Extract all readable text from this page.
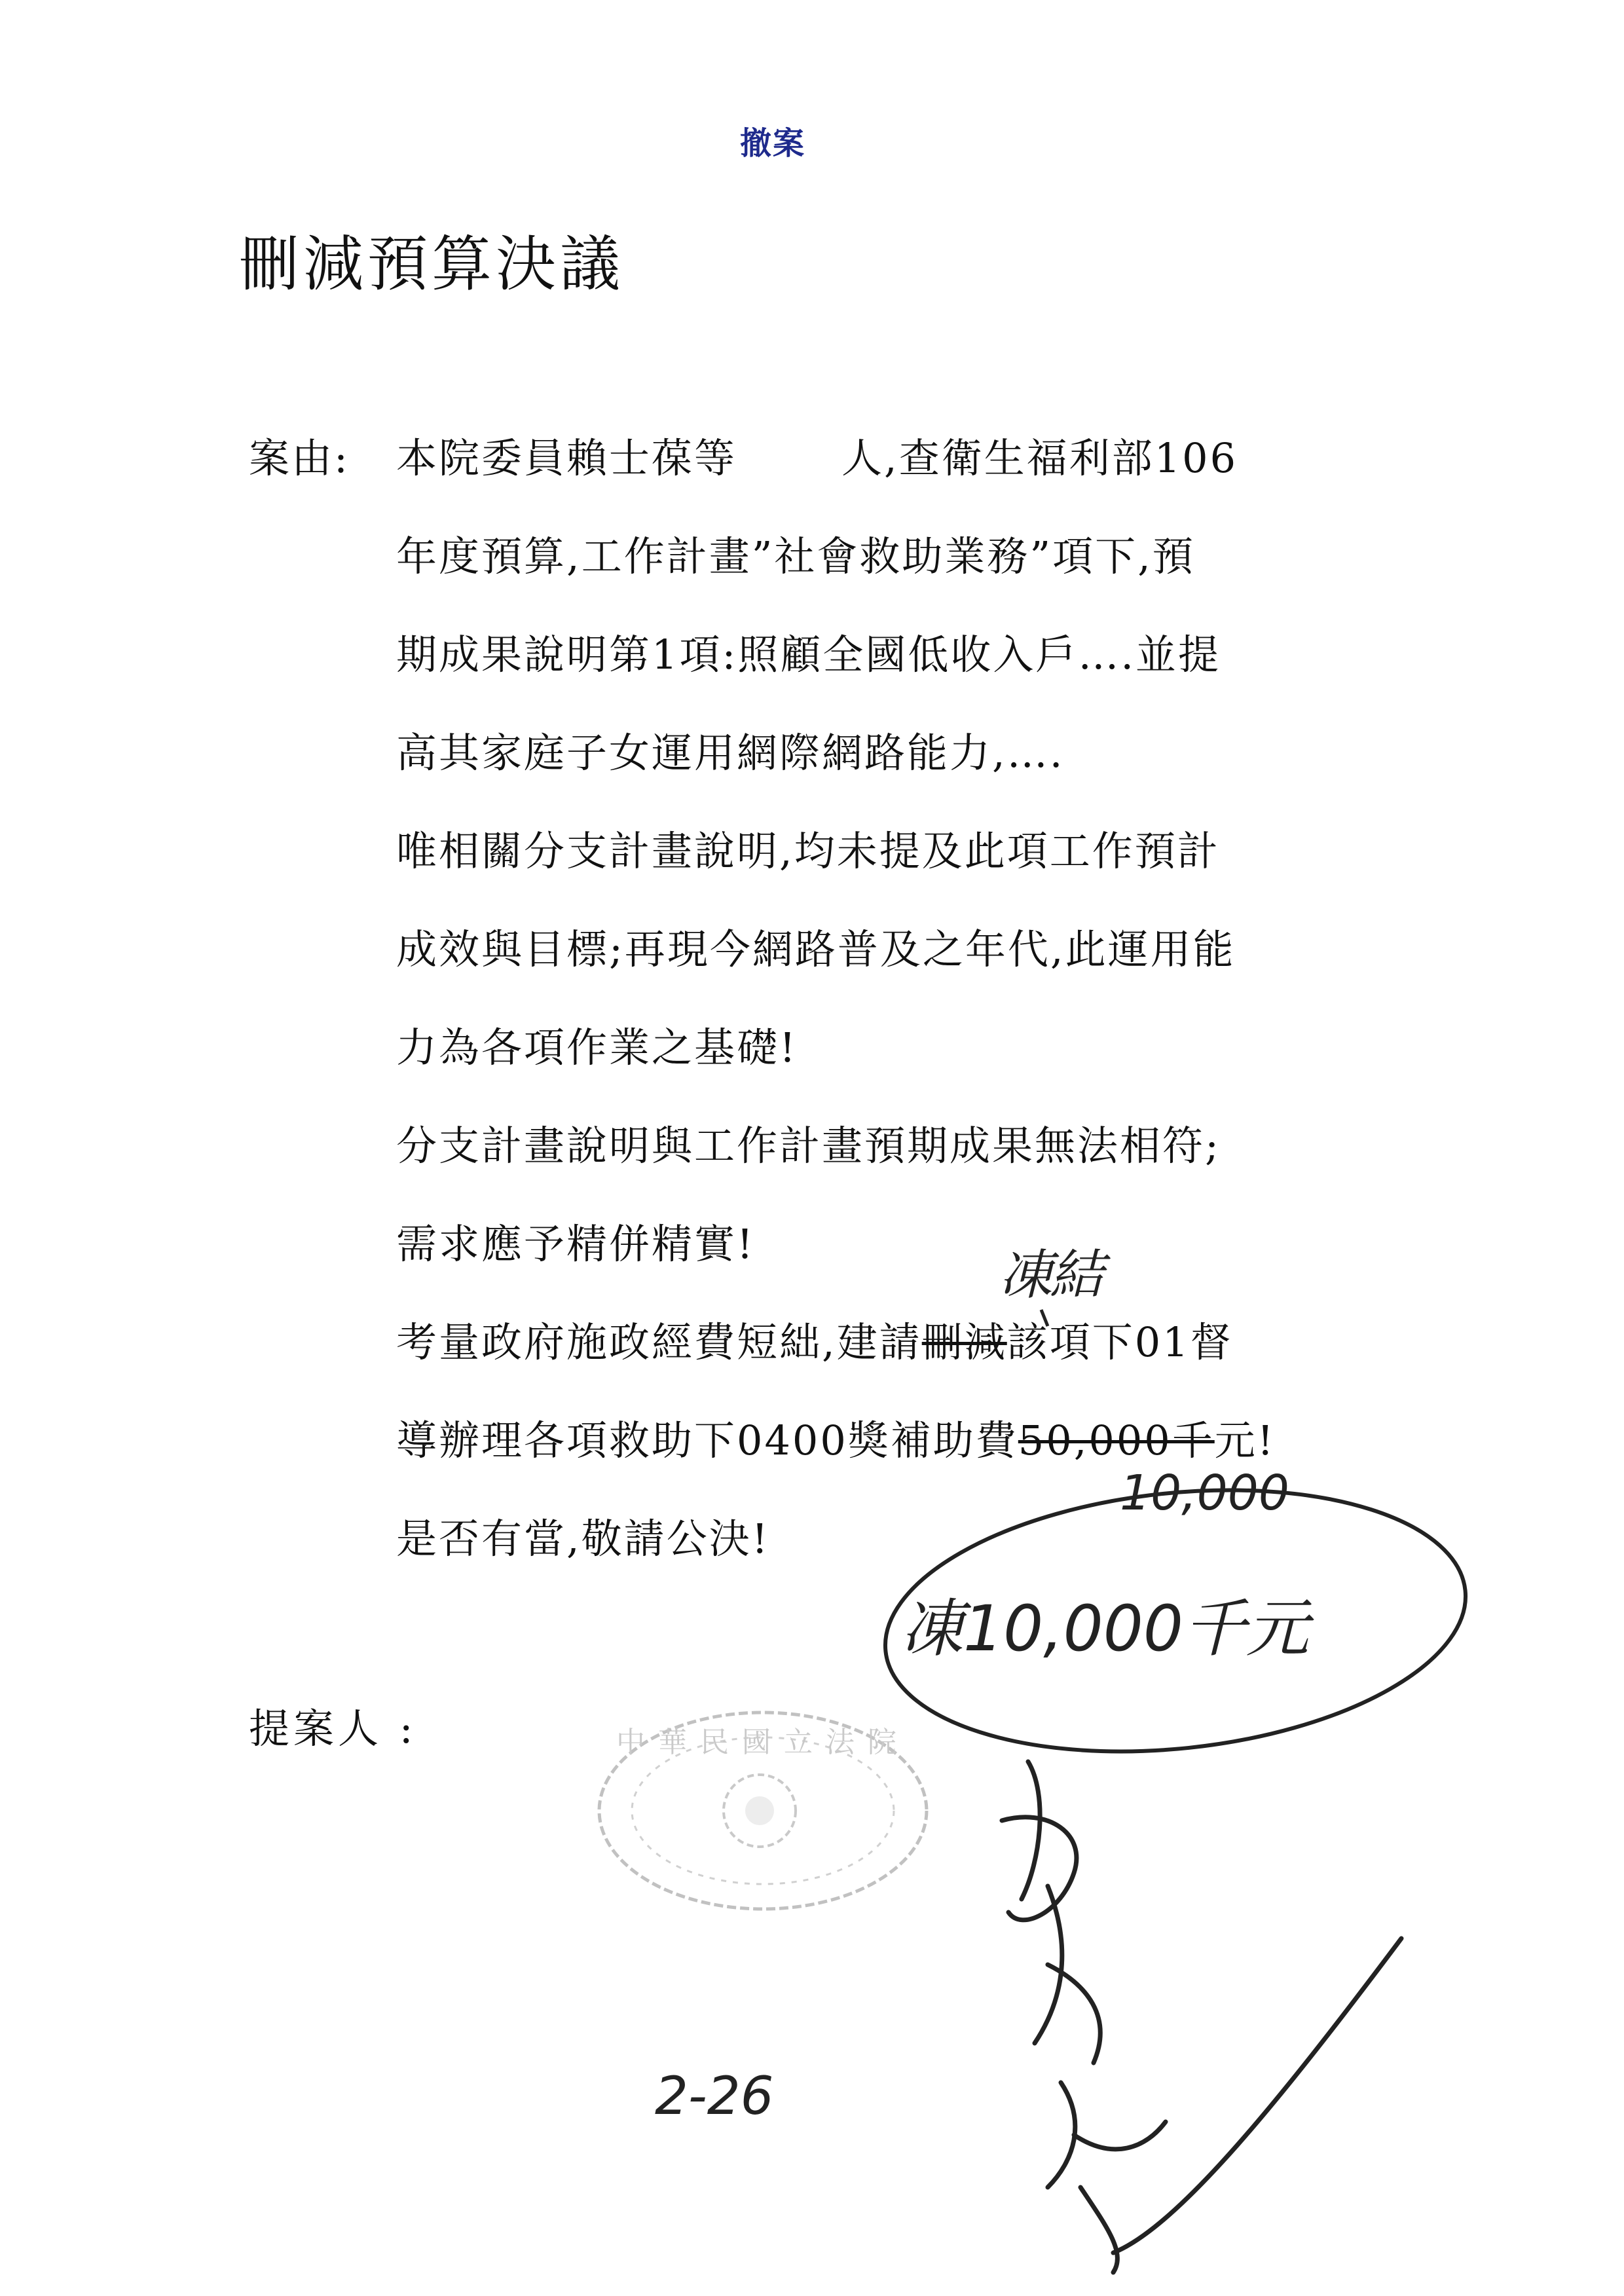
撤案
刪減預算決議
案由: 本院委員賴士葆等	人,查衛生福利部106
年度預算,工作計畫”社會救助業務”項下,預
期成果說明第1項:照顧全國低收入戶….並提
高其家庭子女運用網際網路能力,….
唯相關分支計畫說明,均未提及此項工作預計
成效與目標;再現今網路普及之年代,此運用能
力為各項作業之基礎!
分支計畫說明與工作計畫預期成果無法相符;
需求應予精併精實!
考量政府施政經費短絀,建請刪減該項下01督
導辦理各項救助下0400獎補助費50,000千元!
是否有當,敬請公決!
提案人 :	中華民國立法院
凍結
10,000
凍10,000千元
2-26
